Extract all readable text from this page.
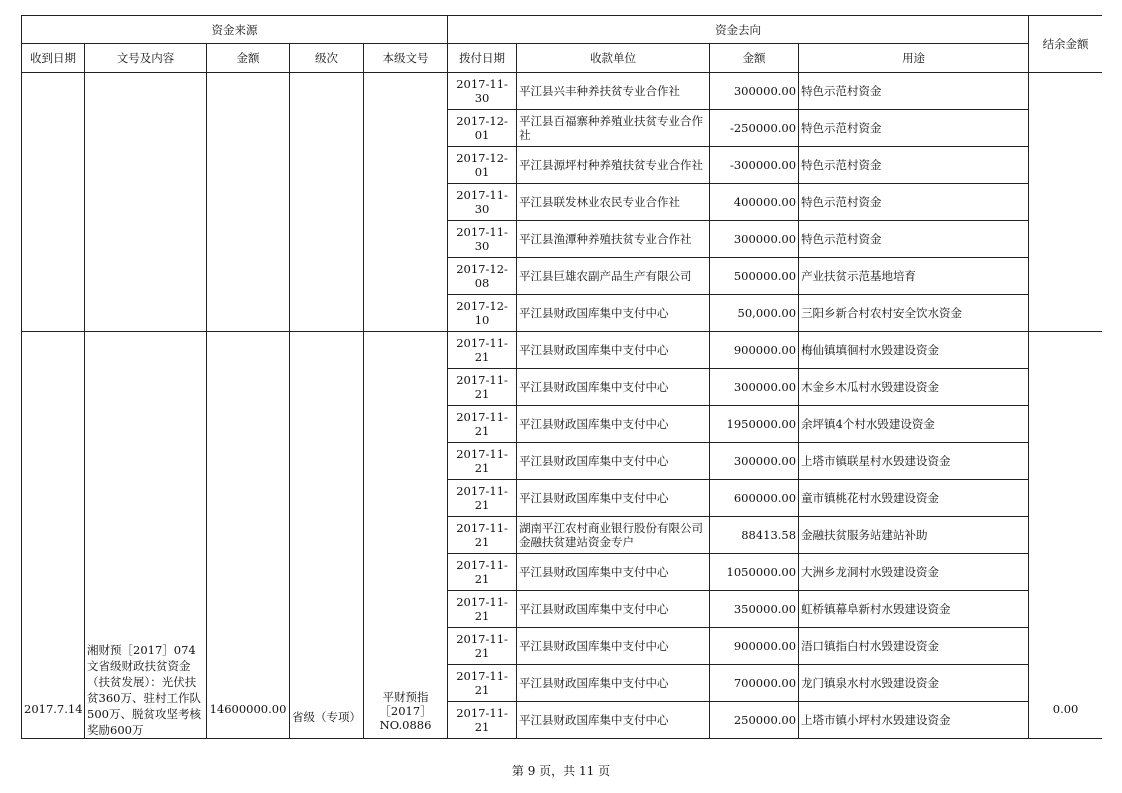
资金来源					资金去向				结余金额
收到日期	文号及内容	金额	级次	本级文号	拨付日期	收款单位	金额	用途	
					2017-11-30	平江县兴丰种养扶贫专业合作社	300000.00	特色示范村资金	
					2017-12-01	平江县百福寨种养殖业扶贫专业合作社	-250000.00	特色示范村资金	
					2017-12-01	平江县源坪村种养殖扶贫专业合作社	-300000.00	特色示范村资金	
					2017-11-30	平江县联发林业农民专业合作社	400000.00	特色示范村资金	
					2017-11-30	平江县渔潭种养殖扶贫专业合作社	300000.00	特色示范村资金	
					2017-12-08	平江县巨雄农副产品生产有限公司	500000.00	产业扶贫示范基地培育	
					2017-12-10	平江县财政国库集中支付中心	50,000.00	三阳乡新合村农村安全饮水资金	
2017.7.14	湘财预［2017］074文省级财政扶贫资金（扶贫发展）：光伏扶贫360万、驻村工作队500万、脱贫攻坚考核奖励600万	14600000.00	省级（专项）	平财预指［2017］NO.0886	2017-11-21	平江县财政国库集中支付中心	900000.00	梅仙镇填徊村水毁建设资金	0.00
					2017-11-21	平江县财政国库集中支付中心	300000.00	木金乡木瓜村水毁建设资金	
					2017-11-21	平江县财政国库集中支付中心	1950000.00	余坪镇4个村水毁建设资金	
					2017-11-21	平江县财政国库集中支付中心	300000.00	上塔市镇联星村水毁建设资金	
					2017-11-21	平江县财政国库集中支付中心	600000.00	童市镇桃花村水毁建设资金	
					2017-11-21	湖南平江农村商业银行股份有限公司金融扶贫建站资金专户	88413.58	金融扶贫服务站建站补助	
					2017-11-21	平江县财政国库集中支付中心	1050000.00	大洲乡龙洞村水毁建设资金	
					2017-11-21	平江县财政国库集中支付中心	350000.00	虹桥镇幕阜新村水毁建设资金	
					2017-11-21	平江县财政国库集中支付中心	900000.00	浯口镇指白村水毁建设资金	
					2017-11-21	平江县财政国库集中支付中心	700000.00	龙门镇泉水村水毁建设资金	
					2017-11-21	平江县财政国库集中支付中心	250000.00	上塔市镇小坪村水毁建设资金	
第 9 页，共 11 页
